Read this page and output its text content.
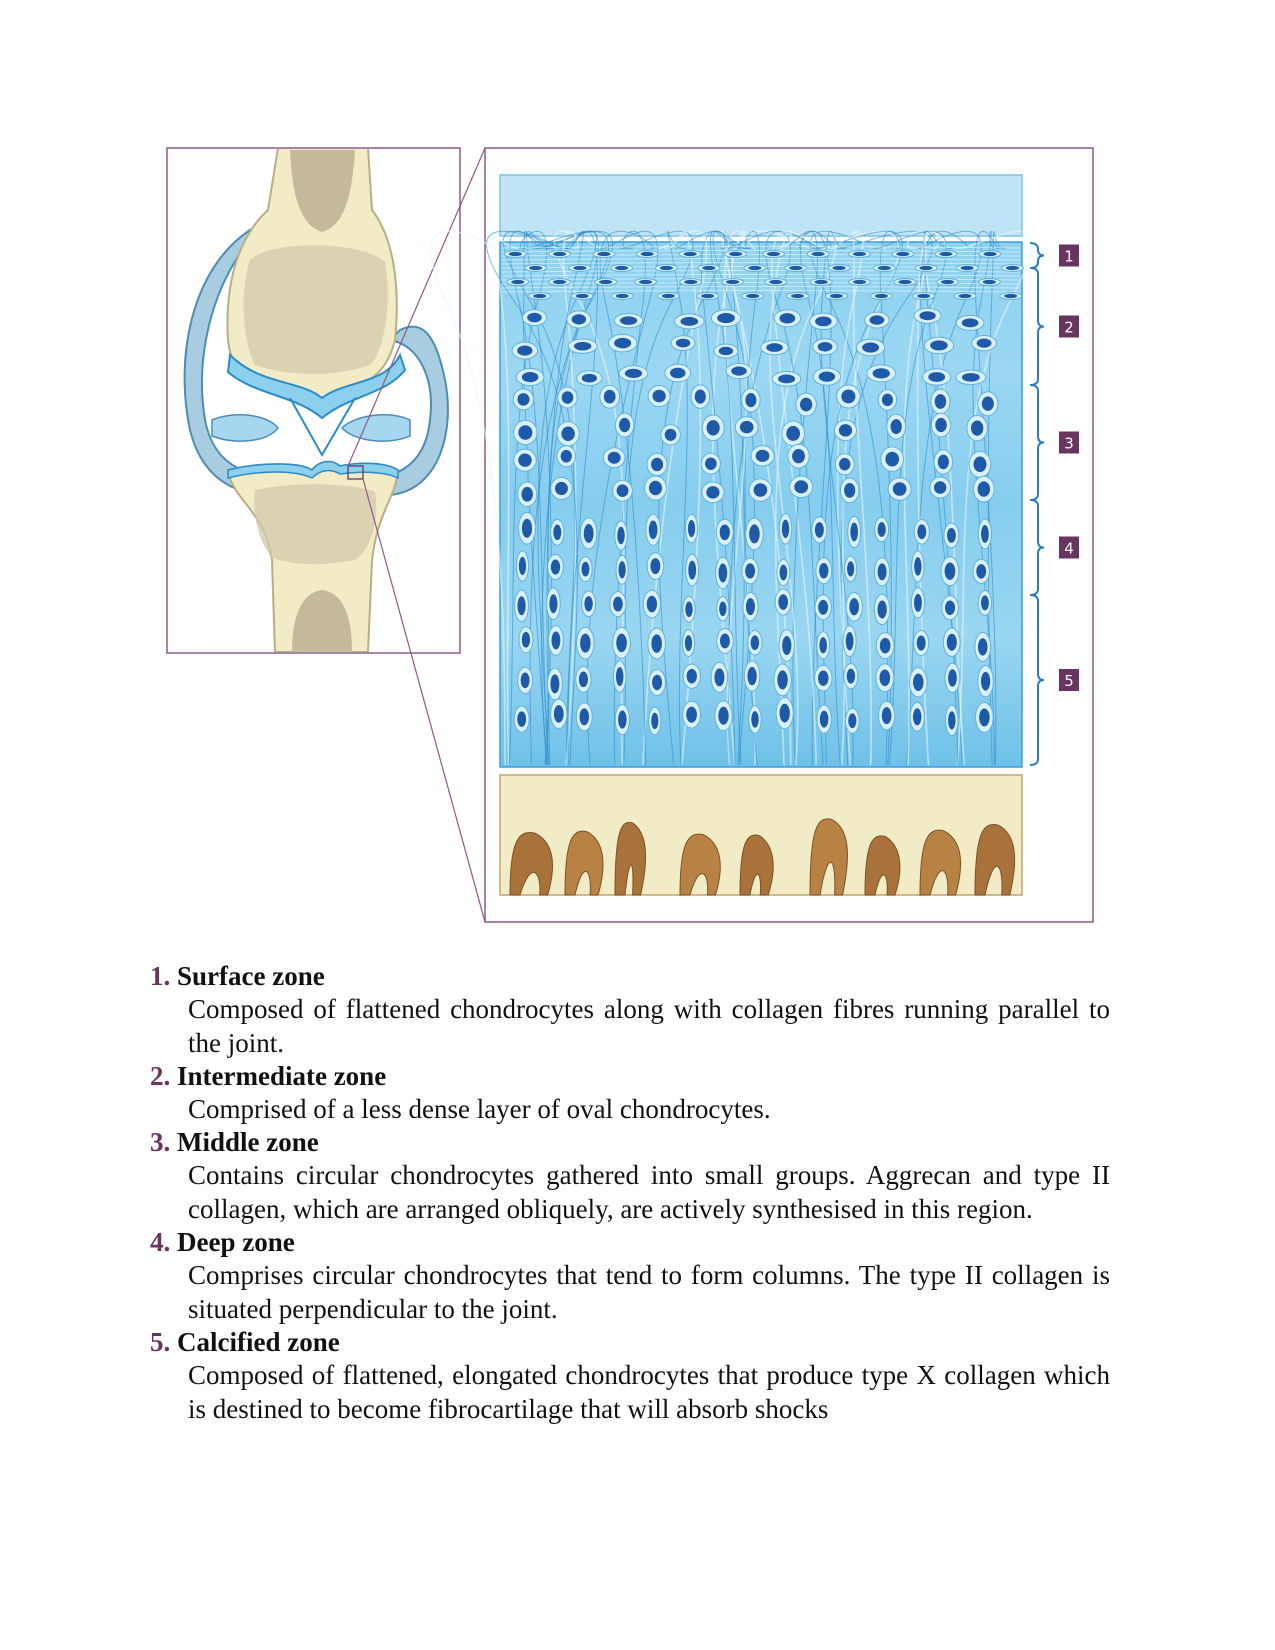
1
2
3
4
5

1. Surface zone

Composed of flattened chondrocytes along with collagen fibres running parallel to the joint.

2. Intermediate zone

Comprised of a less dense layer of oval chondrocytes.

3. Middle zone

Contains circular chondrocytes gathered into small groups. Aggrecan and type II collagen, which are arranged obliquely, are actively synthesised in this region.

4. Deep zone

Comprises circular chondrocytes that tend to form columns. The type II collagen is situated perpendicular to the joint.

5. Calcified zone

Composed of flattened, elongated chondrocytes that produce type X collagen which is destined to become fibrocartilage that will absorb shocks
